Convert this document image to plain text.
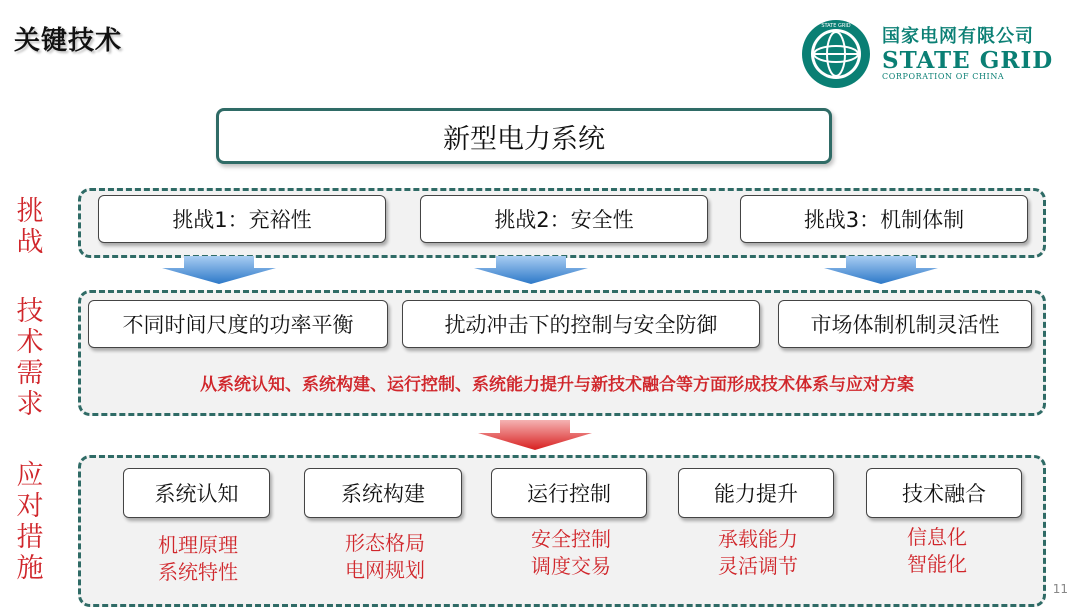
关键技术	STATE GRID 国家电网有限公司
STATE GRID
CORPORATION OF CHINA
新型电力系统
挑战
挑战1：充裕性	挑战2：安全性	挑战3：机制体制
技术需求
不同时间尺度的功率平衡	扰动冲击下的控制与安全防御	市场体制机制灵活性
从系统认知、系统构建、运行控制、系统能力提升与新技术融合等方面形成技术体系与应对方案
应对措施
系统认知
机理原理
系统特性
系统构建
形态格局
电网规划
运行控制
安全控制
调度交易
能力提升
承载能力
灵活调节
技术融合
信息化
智能化
11
